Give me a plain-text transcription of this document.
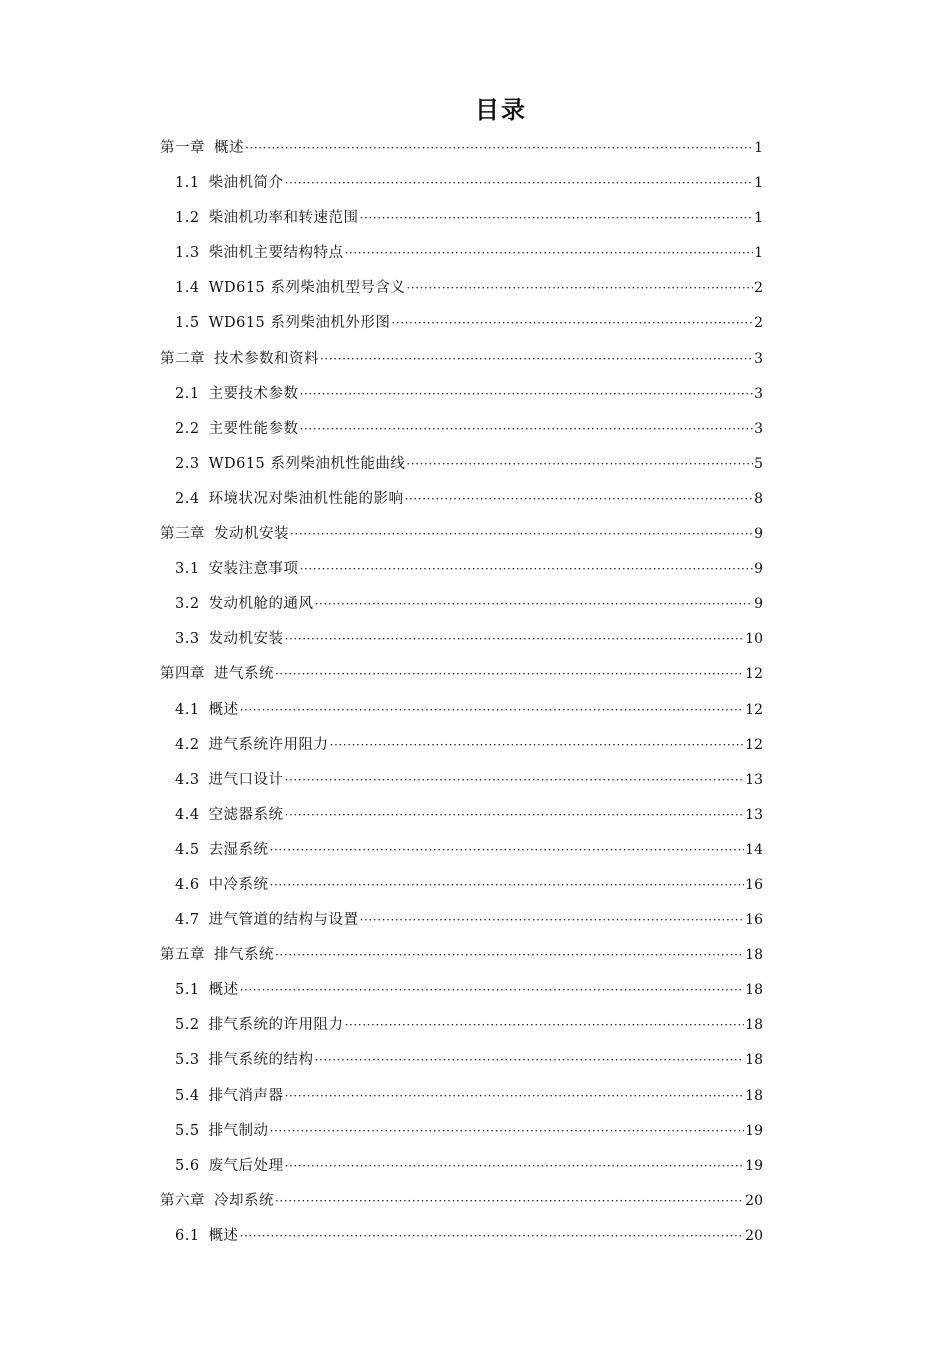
目录
第一章 概述 ·····	1
1.1 柴油机简介 ·····	1
1.2 柴油机功率和转速范围 ·····	1
1.3 柴油机主要结构特点 ·····	1
1.4 WD615 系列柴油机型号含义 ·····	2
1.5 WD615 系列柴油机外形图 ·····	2
第二章 技术参数和资料 ·····	3
2.1 主要技术参数 ·····	3
2.2 主要性能参数 ·····	3
2.3 WD615 系列柴油机性能曲线 ·····	5
2.4 环境状况对柴油机性能的影响 ·····	8
第三章 发动机安装 ·····	9
3.1 安装注意事项 ·····	9
3.2 发动机舱的通风 ·····	9
3.3 发动机安装 ·····	10
第四章 进气系统 ·····	12
4.1 概述 ·····	12
4.2 进气系统许用阻力 ·····	12
4.3 进气口设计 ·····	13
4.4 空滤器系统 ·····	13
4.5 去湿系统 ·····	14
4.6 中冷系统 ·····	16
4.7 进气管道的结构与设置 ·····	16
第五章 排气系统 ·····	18
5.1 概述 ·····	18
5.2 排气系统的许用阻力 ·····	18
5.3 排气系统的结构 ·····	18
5.4 排气消声器 ·····	18
5.5 排气制动 ·····	19
5.6 废气后处理 ·····	19
第六章 冷却系统 ·····	20
6.1 概述 ·····	20
